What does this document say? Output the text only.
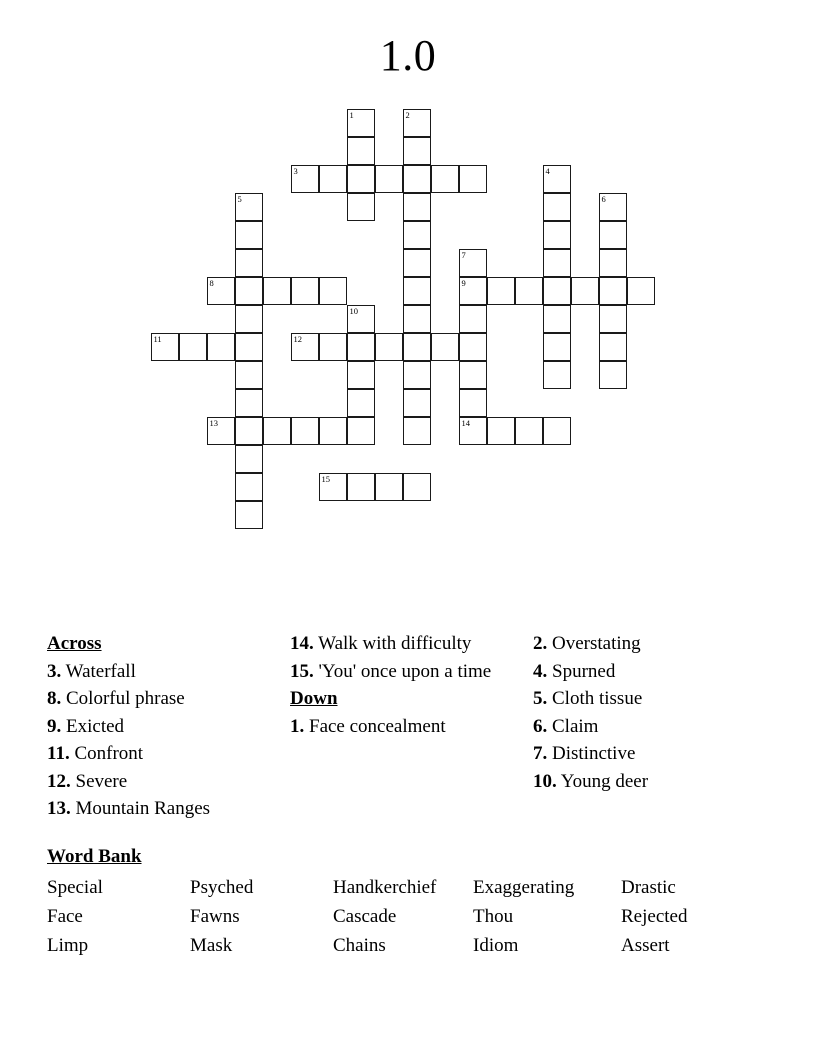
1.0
3
8	9
11	12
13	14
15
1	2
4
5	6
7
10
Across
3. Waterfall
8. Colorful phrase
9. Exicted
11. Confront
12. Severe
13. Mountain Ranges
14. Walk with difficulty
15. 'You' once upon a time
Down
1. Face concealment
2. Overstating
4. Spurned
5. Cloth tissue
6. Claim
7. Distinctive
10. Young deer
Word Bank
Special	Psyched	Handkerchief	Exaggerating	Drastic
Face	Fawns	Cascade	Thou	Rejected
Limp	Mask	Chains	Idiom	Assert
